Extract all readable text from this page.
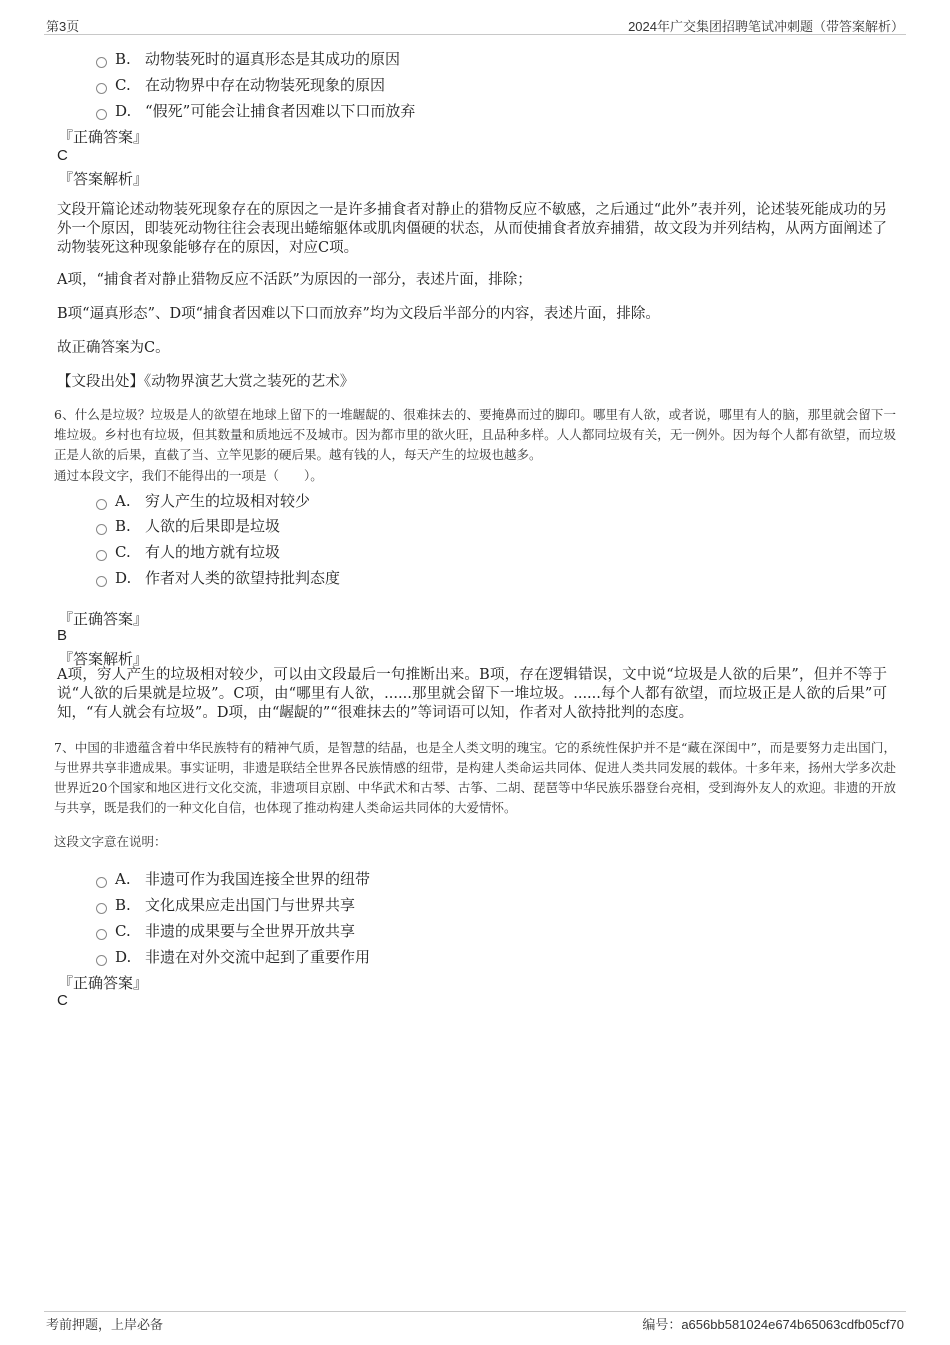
第3页	2024年广交集团招聘笔试冲刺题（带答案解析）
B. 动物装死时的逼真形态是其成功的原因
C. 在动物界中存在动物装死现象的原因
D. “假死”可能会让捕食者因难以下口而放弃
『正确答案』
C
『答案解析』
文段开篇论述动物装死现象存在的原因之一是许多捕食者对静止的猎物反应不敏感，之后通过“此外”表并列，论述装死能成功的另外一个原因，即装死动物往往会表现出蜷缩躯体或肌肉僵硬的状态，从而使捕食者放弃捕猎，故文段为并列结构，从两方面阐述了动物装死这种现象能够存在的原因，对应C项。
A项，“捕食者对静止猎物反应不活跃”为原因的一部分，表述片面，排除；
B项“逼真形态”、D项“捕食者因难以下口而放弃”均为文段后半部分的内容，表述片面，排除。
故正确答案为C。
【文段出处】《动物界演艺大赏之装死的艺术》
6、什么是垃圾？垃圾是人的欲望在地球上留下的一堆龌龊的、很难抹去的、要掩鼻而过的脚印。哪里有人欲，或者说，哪里有人的脑，那里就会留下一堆垃圾。乡村也有垃圾，但其数量和质地远不及城市。因为都市里的欲火旺，且品种多样。人人都同垃圾有关，无一例外。因为每个人都有欲望，而垃圾正是人欲的后果，直截了当、立竿见影的硬后果。越有钱的人，每天产生的垃圾也越多。
通过本段文字，我们不能得出的一项是（　　）。
A. 穷人产生的垃圾相对较少
B. 人欲的后果即是垃圾
C. 有人的地方就有垃圾
D. 作者对人类的欲望持批判态度
『正确答案』
B
『答案解析』
A项，穷人产生的垃圾相对较少，可以由文段最后一句推断出来。B项，存在逻辑错误，文中说“垃圾是人欲的后果”，但并不等于说“人欲的后果就是垃圾”。C项，由“哪里有人欲，......那里就会留下一堆垃圾。......每个人都有欲望，而垃圾正是人欲的后果”可知，“有人就会有垃圾”。D项，由“龌龊的”“很难抹去的”等词语可以知，作者对人欲持批判的态度。
7、中国的非遗蕴含着中华民族特有的精神气质，是智慧的结晶，也是全人类文明的瑰宝。它的系统性保护并不是“藏在深闺中”，而是要努力走出国门，与世界共享非遗成果。事实证明，非遗是联结全世界各民族情感的纽带，是构建人类命运共同体、促进人类共同发展的载体。十多年来，扬州大学多次赴世界近20个国家和地区进行文化交流，非遗项目京剧、中华武术和古琴、古筝、二胡、琵琶等中华民族乐器登台亮相，受到海外友人的欢迎。非遗的开放与共享，既是我们的一种文化自信，也体现了推动构建人类命运共同体的大爱情怀。
这段文字意在说明：
A. 非遗可作为我国连接全世界的纽带
B. 文化成果应走出国门与世界共享
C. 非遗的成果要与全世界开放共享
D. 非遗在对外交流中起到了重要作用
『正确答案』
C
考前押题，上岸必备	编号：a656bb581024e674b65063cdfb05cf70
